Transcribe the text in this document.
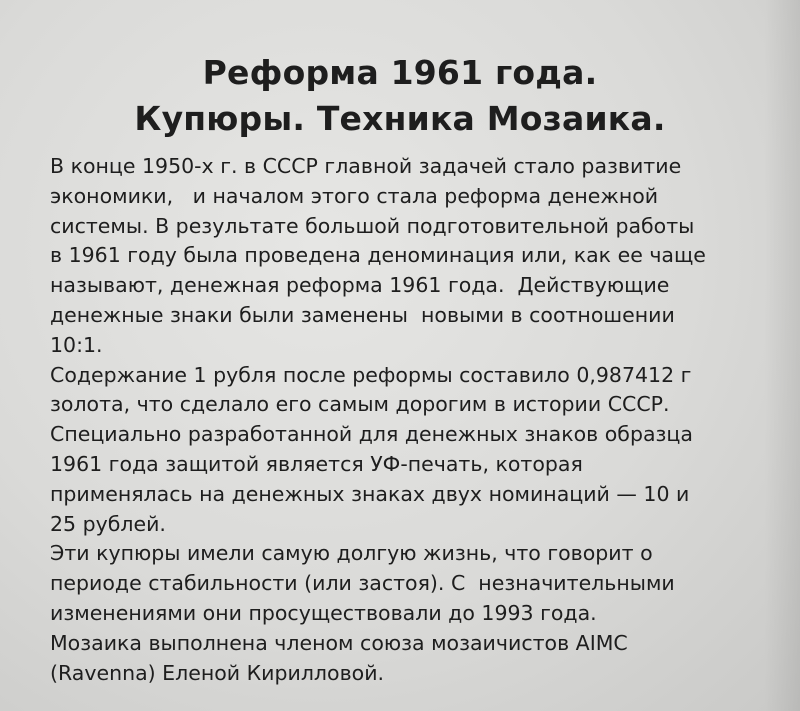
Реформа 1961 года.
Купюры. Техника Мозаика.
В конце 1950-х г. в СССР главной задачей стало развитие
экономики,   и началом этого стала реформа денежной
системы. В результате большой подготовительной работы
в 1961 году была проведена деноминация или, как ее чаще
называют, денежная реформа 1961 года.  Действующие
денежные знаки были заменены  новыми в соотношении
10:1.
Содержание 1 рубля после реформы составило 0,987412 г
золота, что сделало его самым дорогим в истории СССР.
Специально разработанной для денежных знаков образца
1961 года защитой является УФ-печать, которая
применялась на денежных знаках двух номинаций — 10 и
25 рублей.
Эти купюры имели самую долгую жизнь, что говорит о
периоде стабильности (или застоя). С  незначительными
изменениями они просуществовали до 1993 года.
Мозаика выполнена членом союза мозаичистов AIMC
(Ravenna) Еленой Кирилловой.
